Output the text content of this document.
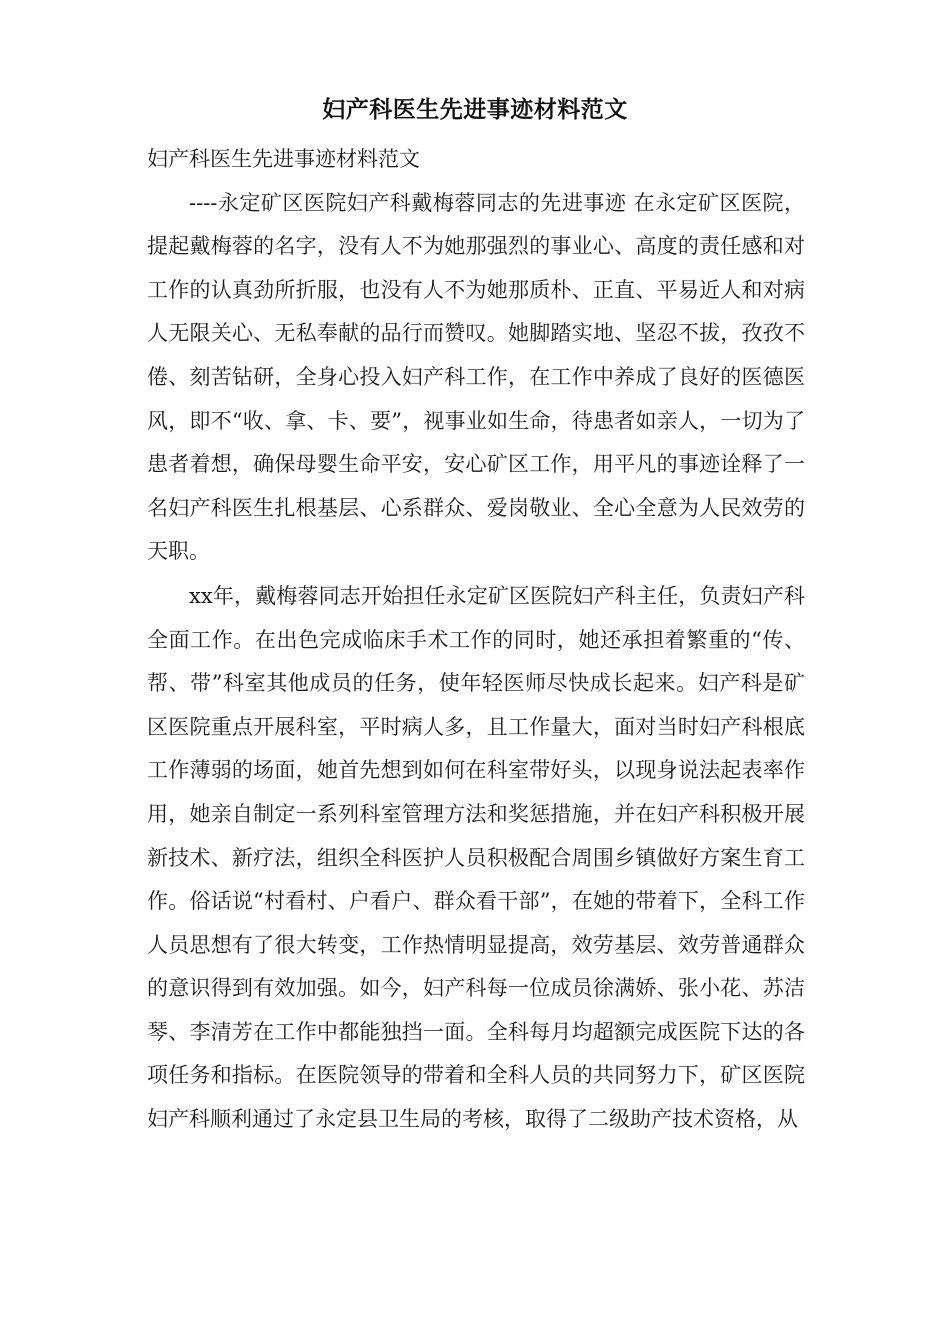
妇产科医生先进事迹材料范文

妇产科医生先进事迹材料范文

----永定矿区医院妇产科戴梅蓉同志的先进事迹 在永定矿区医院，提起戴梅蓉的名字，没有人不为她那强烈的事业心、高度的责任感和对工作的认真劲所折服，也没有人不为她那质朴、正直、平易近人和对病人无限关心、无私奉献的品行而赞叹。她脚踏实地、坚忍不拔，孜孜不倦、刻苦钻研，全身心投入妇产科工作，在工作中养成了良好的医德医风，即不“收、拿、卡、要”，视事业如生命，待患者如亲人，一切为了患者着想，确保母婴生命平安，安心矿区工作，用平凡的事迹诠释了一名妇产科医生扎根基层、心系群众、爱岗敬业、全心全意为人民效劳的天职。

xx年，戴梅蓉同志开始担任永定矿区医院妇产科主任，负责妇产科全面工作。在出色完成临床手术工作的同时，她还承担着繁重的“传、帮、带”科室其他成员的任务，使年轻医师尽快成长起来。妇产科是矿区医院重点开展科室，平时病人多，且工作量大，面对当时妇产科根底工作薄弱的场面，她首先想到如何在科室带好头，以现身说法起表率作用，她亲自制定一系列科室管理方法和奖惩措施，并在妇产科积极开展新技术、新疗法，组织全科医护人员积极配合周围乡镇做好方案生育工作。俗话说“村看村、户看户、群众看干部”，在她的带着下，全科工作人员思想有了很大转变，工作热情明显提高，效劳基层、效劳普通群众的意识得到有效加强。如今，妇产科每一位成员徐满娇、张小花、苏洁琴、李清芳在工作中都能独挡一面。全科每月均超额完成医院下达的各项任务和指标。在医院领导的带着和全科人员的共同努力下，矿区医院妇产科顺利通过了永定县卫生局的考核，取得了二级助产技术资格，从
